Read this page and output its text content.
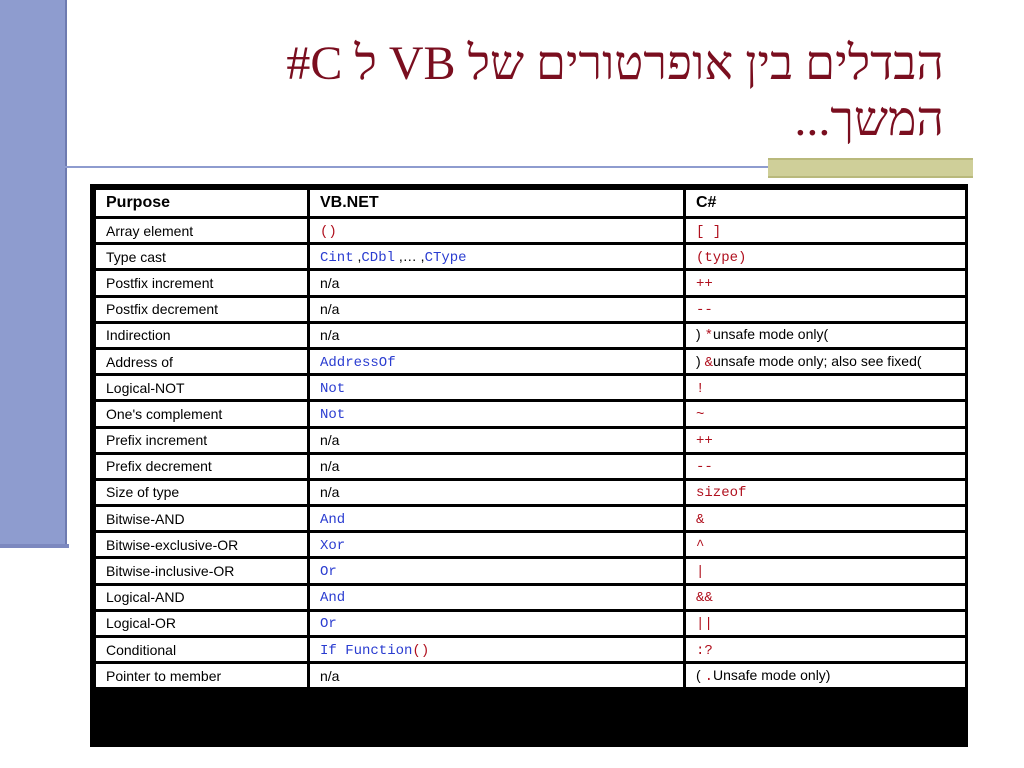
הבדלים בין אופרטורים של VB ל C#
המשך...
Purpose	VB.NET	C#
Array element	()	[ ]
Type cast	Cint ,CDbl ,… ,CType	(type)
Postfix increment	n/a	++
Postfix decrement	n/a	--
Indirection	n/a	) *unsafe mode only(
Address of	AddressOf	) &unsafe mode only; also see fixed(
Logical-NOT	Not	!
One's complement	Not	~
Prefix increment	n/a	++
Prefix decrement	n/a	--
Size of type	n/a	sizeof
Bitwise-AND	And	&
Bitwise-exclusive-OR	Xor	^
Bitwise-inclusive-OR	Or	|
Logical-AND	And	&&
Logical-OR	Or	||
Conditional	If Function()	:?
Pointer to member	n/a	( .Unsafe mode only)
